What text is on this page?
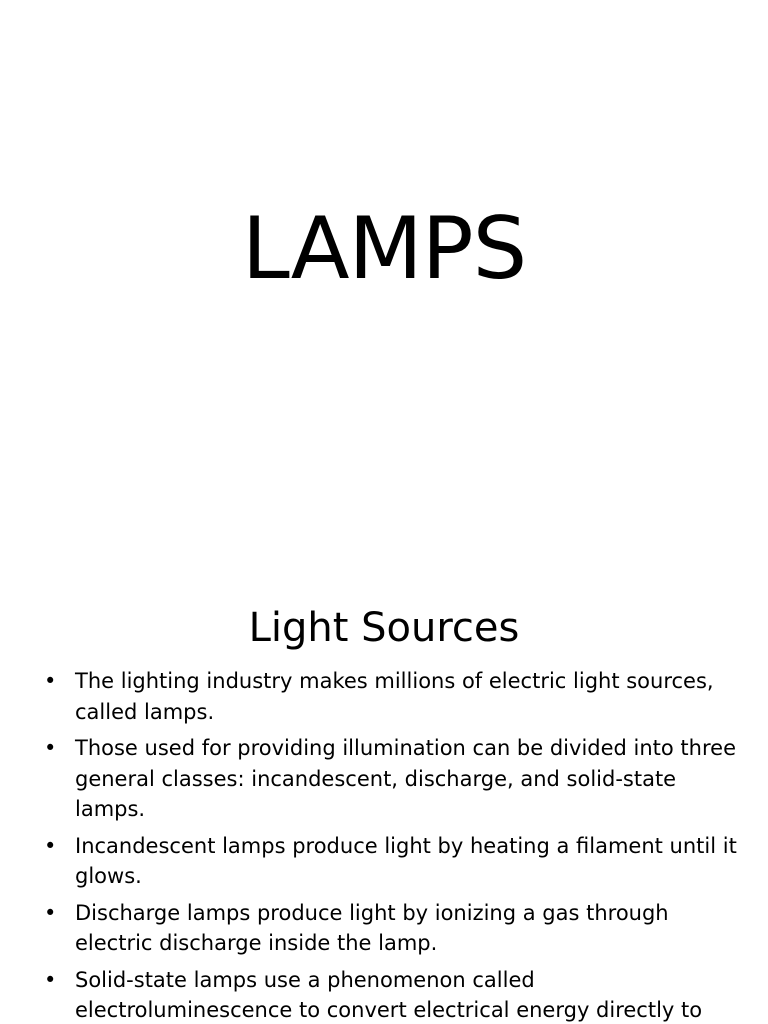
LAMPS
Light Sources
• The lighting industry makes millions of electric light sources, called lamps.
• Those used for providing illumination can be divided into three general classes: incandescent, discharge, and solid-state lamps.
• Incandescent lamps produce light by heating a filament until it glows.
• Discharge lamps produce light by ionizing a gas through electric discharge inside the lamp.
• Solid-state lamps use a phenomenon called electroluminescence to convert electrical energy directly to
